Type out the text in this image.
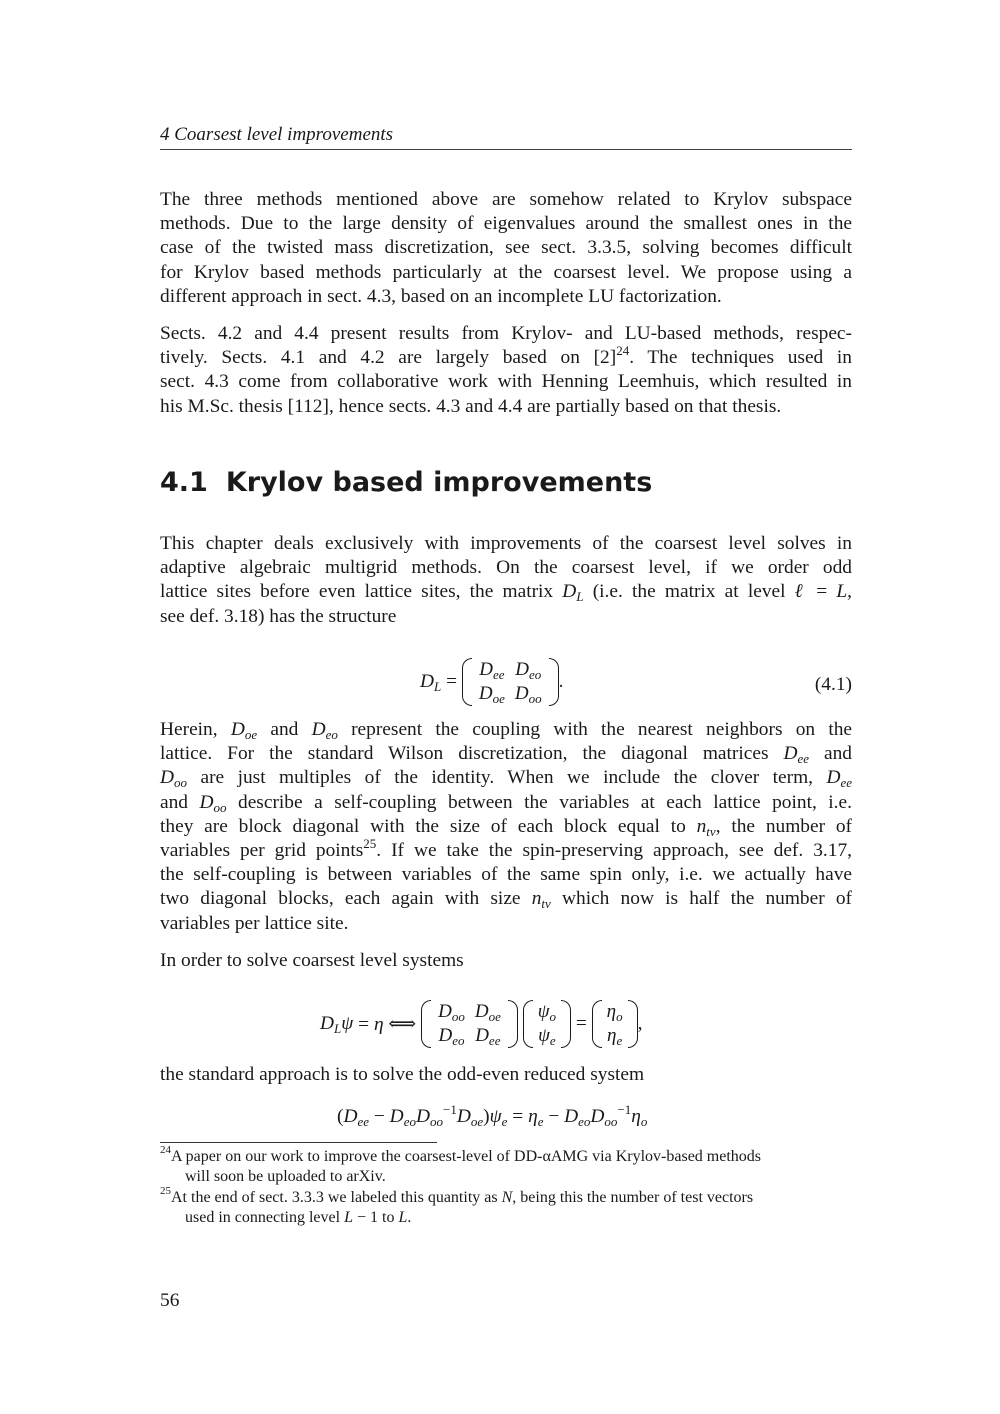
4 Coarsest level improvements

The three methods mentioned above are somehow related to Krylov subspace
methods. Due to the large density of eigenvalues around the smallest ones in the
case of the twisted mass discretization, see sect. 3.3.5, solving becomes difficult
for Krylov based methods particularly at the coarsest level. We propose using a
different approach in sect. 4.3, based on an incomplete LU factorization.

Sects. 4.2 and 4.4 present results from Krylov- and LU-based methods, respec-
tively. Sects. 4.1 and 4.2 are largely based on $[2]^{24}$. The techniques used in
sect. 4.3 come from collaborative work with Henning Leemhuis, which resulted in
his M.Sc. thesis [112], hence sects. 4.3 and 4.4 are partially based on that thesis.

4.1 Krylov based improvements

This chapter deals exclusively with improvements of the coarsest level solves in
adaptive algebraic multigrid methods. On the coarsest level, if we order odd
lattice sites before even lattice sites, the matrix $D_L$ (i.e. the matrix at level ℓ = L,
see def. 3.18) has the structure

$D_L$ =
$D_{ee}$	$D_{eo}$
$D_{oe}$	$D_{oo}$
.	(4.1)

Herein, $D_{oe}$ and $D_{eo}$ represent the coupling with the nearest neighbors on the
lattice. For the standard Wilson discretization, the diagonal matrices $D_{ee}$ and
$D_{oo}$ are just multiples of the identity. When we include the clover term, $D_{ee}$
and $D_{oo}$ describe a self-coupling between the variables at each lattice point, i.e.
they are block diagonal with the size of each block equal to $n_{tv}$, the number of
variables per grid points$^{25}$. If we take the spin-preserving approach, see def. 3.17,
the self-coupling is between variables of the same spin only, i.e. we actually have
two diagonal blocks, each again with size $n_{tv}$ which now is half the number of
variables per lattice site.

In order to solve coarsest level systems

$D_L\psi = \eta$ ⟺
$D_{oo}$	$D_{oe}$
$D_{eo}$	$D_{ee}$

$\psi_o$
$\psi_e$
=
$\eta_o$
$\eta_e$
,

the standard approach is to solve the odd-even reduced system

$(D_{ee} - D_{eo}D_{oo}^{-1}D_{oe})\psi_e = \eta_e - D_{eo}D_{oo}^{-1}\eta_o$
$^{24}$A paper on our work to improve the coarsest-level of DD-αAMG via Krylov-based methods
will soon be uploaded to arXiv.
$^{25}$At the end of sect. 3.3.3 we labeled this quantity as N, being this the number of test vectors
used in connecting level L − 1 to L.
56
